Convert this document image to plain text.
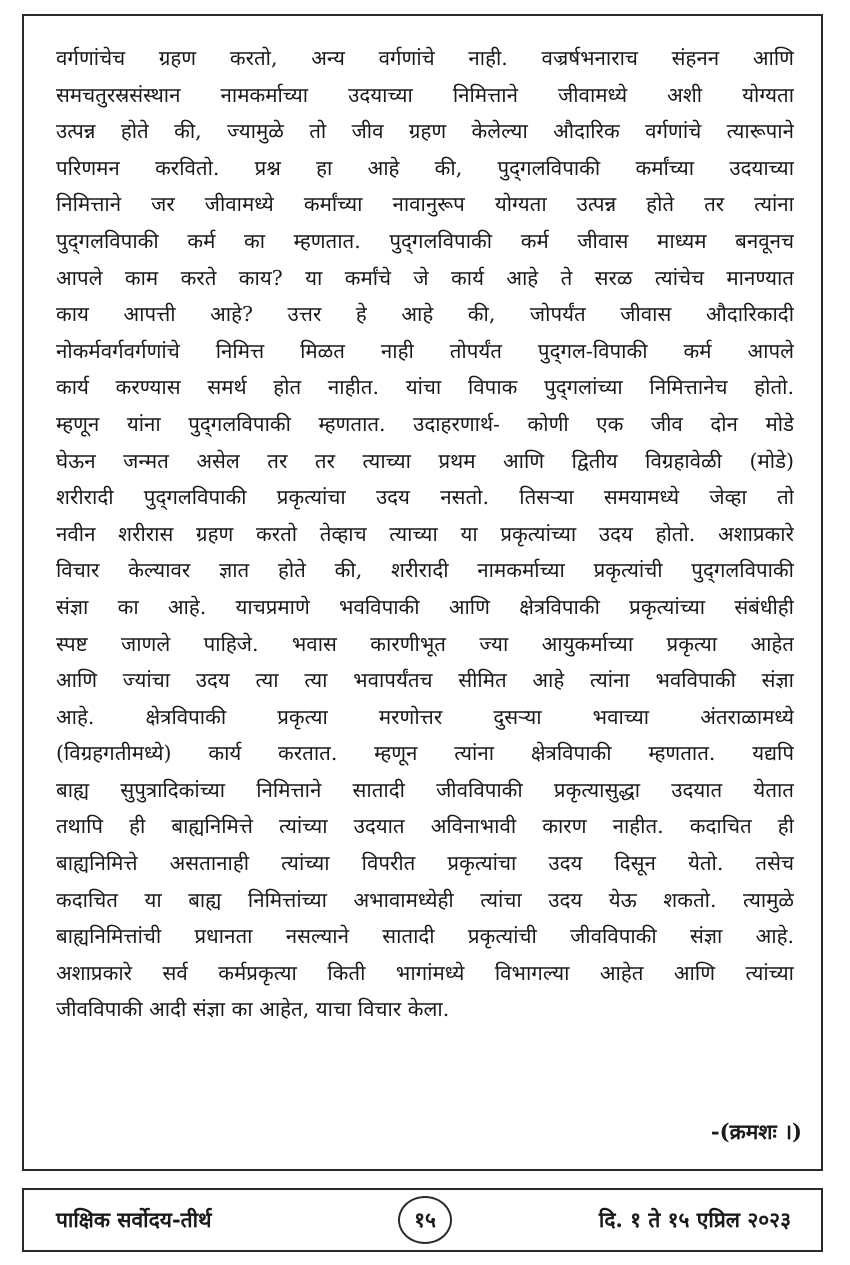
वर्गणांचेच ग्रहण करतो, अन्य वर्गणांचे नाही. वज्रर्षभनाराच संहनन आणि
समचतुरस्रसंस्थान नामकर्माच्या उदयाच्या निमित्ताने जीवामध्ये अशी योग्यता
उत्पन्न होते की, ज्यामुळे तो जीव ग्रहण केलेल्या औदारिक वर्गणांचे त्यारूपाने
परिणमन करवितो. प्रश्न हा आहे की, पुद्‌गलविपाकी कर्मांच्या उदयाच्या
निमित्ताने जर जीवामध्ये कर्मांच्या नावानुरूप योग्यता उत्पन्न होते तर त्यांना
पुद्‌गलविपाकी कर्म का म्हणतात. पुद्‌गलविपाकी कर्म जीवास माध्यम बनवूनच
आपले काम करते काय? या कर्मांचे जे कार्य आहे ते सरळ त्यांचेच मानण्यात
काय आपत्ती आहे? उत्तर हे आहे की, जोपर्यंत जीवास औदारिकादी
नोकर्मवर्गवर्गणांचे निमित्त मिळत नाही तोपर्यंत पुद्‌गल-विपाकी कर्म आपले
कार्य करण्यास समर्थ होत नाहीत. यांचा विपाक पुद्‌गलांच्या निमित्तानेच होतो.
म्हणून यांना पुद्‌गलविपाकी म्हणतात. उदाहरणार्थ- कोणी एक जीव दोन मोडे
घेऊन जन्मत असेल तर तर त्याच्या प्रथम आणि द्वितीय विग्रहावेळी (मोडे)
शरीरादी पुद्‌गलविपाकी प्रकृत्यांचा उदय नसतो. तिसऱ्या समयामध्ये जेव्हा तो
नवीन शरीरास ग्रहण करतो तेव्हाच त्याच्या या प्रकृत्यांच्या उदय होतो. अशाप्रकारे
विचार केल्यावर ज्ञात होते की, शरीरादी नामकर्माच्या प्रकृत्यांची पुद्‌गलविपाकी
संज्ञा का आहे. याचप्रमाणे भवविपाकी आणि क्षेत्रविपाकी प्रकृत्यांच्या संबंधीही
स्पष्ट जाणले पाहिजे. भवास कारणीभूत ज्या आयुकर्माच्या प्रकृत्या आहेत
आणि ज्यांचा उदय त्या त्या भवापर्यंतच सीमित आहे त्यांना भवविपाकी संज्ञा
आहे. क्षेत्रविपाकी प्रकृत्या मरणोत्तर दुसऱ्या भवाच्या अंतराळामध्ये
(विग्रहगतीमध्ये) कार्य करतात. म्हणून त्यांना क्षेत्रविपाकी म्हणतात. यद्यपि
बाह्य सुपुत्रादिकांच्या निमित्ताने सातादी जीवविपाकी प्रकृत्यासुद्धा उदयात येतात
तथापि ही बाह्यनिमित्ते त्यांच्या उदयात अविनाभावी कारण नाहीत. कदाचित ही
बाह्यनिमित्ते असतानाही त्यांच्या विपरीत प्रकृत्यांचा उदय दिसून येतो. तसेच
कदाचित या बाह्य निमित्तांच्या अभावामध्येही त्यांचा उदय येऊ शकतो. त्यामुळे
बाह्यनिमित्तांची प्रधानता नसल्याने सातादी प्रकृत्यांची जीवविपाकी संज्ञा आहे.
अशाप्रकारे सर्व कर्मप्रकृत्या किती भागांमध्ये विभागल्या आहेत आणि त्यांच्या
जीवविपाकी आदी संज्ञा का आहेत, याचा विचार केला.
-(क्रमशः ।)
पाक्षिक सर्वोदय-तीर्थ	१५	दि. १ ते १५ एप्रिल २०२३
